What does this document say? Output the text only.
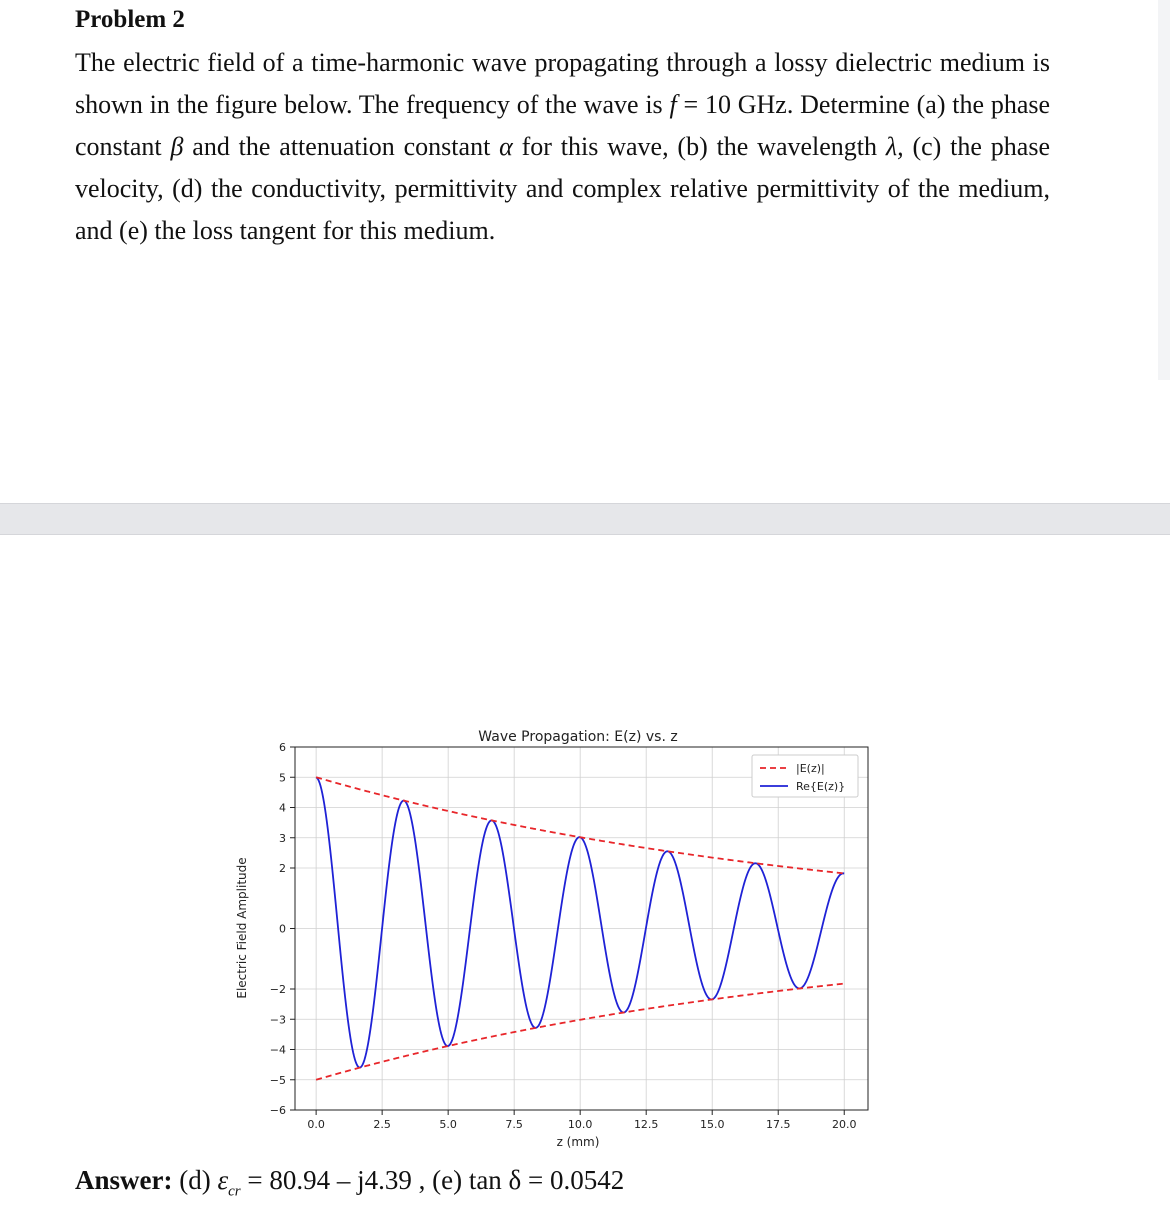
Problem 2
The electric field of a time-harmonic wave propagating through a lossy dielectric medium is shown in the figure below. The frequency of the wave is f = 10 GHz. Determine (a) the phase constant β and the attenuation constant α for this wave, (b) the wavelength λ, (c) the phase velocity, (d) the conductivity, permittivity and complex relative permittivity of the medium, and (e) the loss tangent for this medium.
Wave Propagation: E(z) vs. z
Electric Field Amplitude
z (mm)
0.0	2.5	5.0	7.5	10.0	12.5	15.0	17.5	20.0
6
5
4
3
2
0
−2
−3
−4
−5
−6
|E(z)|
Re{E(z)}
Answer: (d) $\varepsilon_{cr} = 80.94 - j4.39$ , (e) tan δ = 0.0542
